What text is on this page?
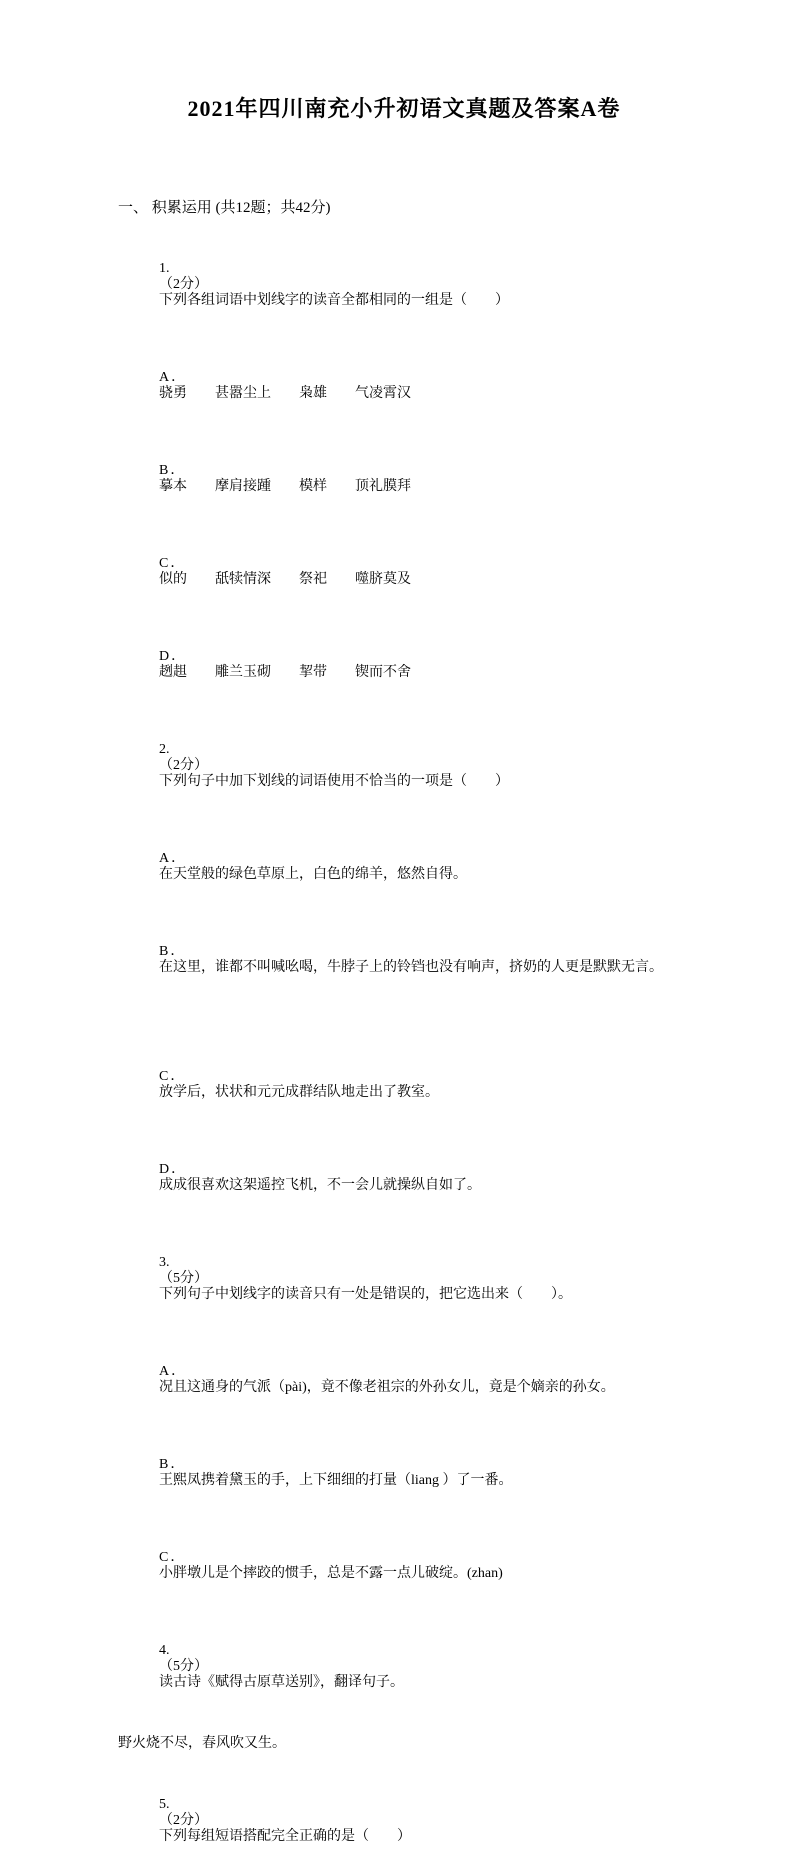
2021年四川南充小升初语文真题及答案A卷
一、 积累运用 (共12题；共42分)

1.
（2分）
下列各组词语中划线字的读音全都相同的一组是（　　）

A．
骁勇　　甚嚣尘上　　枭雄　　气凌霄汉

B．
摹本　　摩肩接踵　　模样　　顶礼膜拜

C．
似的　　舐犊情深　　祭祀　　噬脐莫及

D．
趔趄　　雕兰玉砌　　挈带　　锲而不舍

2.
（2分）
下列句子中加下划线的词语使用不恰当的一项是（　　）

A．
在天堂般的绿色草原上，白色的绵羊，悠然自得。

B．
在这里，谁都不叫喊吆喝，牛脖子上的铃铛也没有响声，挤奶的人更是默默无言。

C．
放学后，状状和元元成群结队地走出了教室。

D．
成成很喜欢这架遥控飞机，不一会儿就操纵自如了。

3.
（5分）
下列句子中划线字的读音只有一处是错误的，把它选出来（　　）。

A．
况且这通身的气派（pài)，竟不像老祖宗的外孙女儿，竟是个嫡亲的孙女。

B．
王熙凤携着黛玉的手，上下细细的打量（liang ）了一番。

C．
小胖墩儿是个摔跤的惯手，总是不露一点儿破绽。(zhan)

4.
（5分）
读古诗《赋得古原草送别》，翻译句子。

野火烧不尽，春风吹又生。

5.
（2分）
下列每组短语搭配完全正确的是（　　）
